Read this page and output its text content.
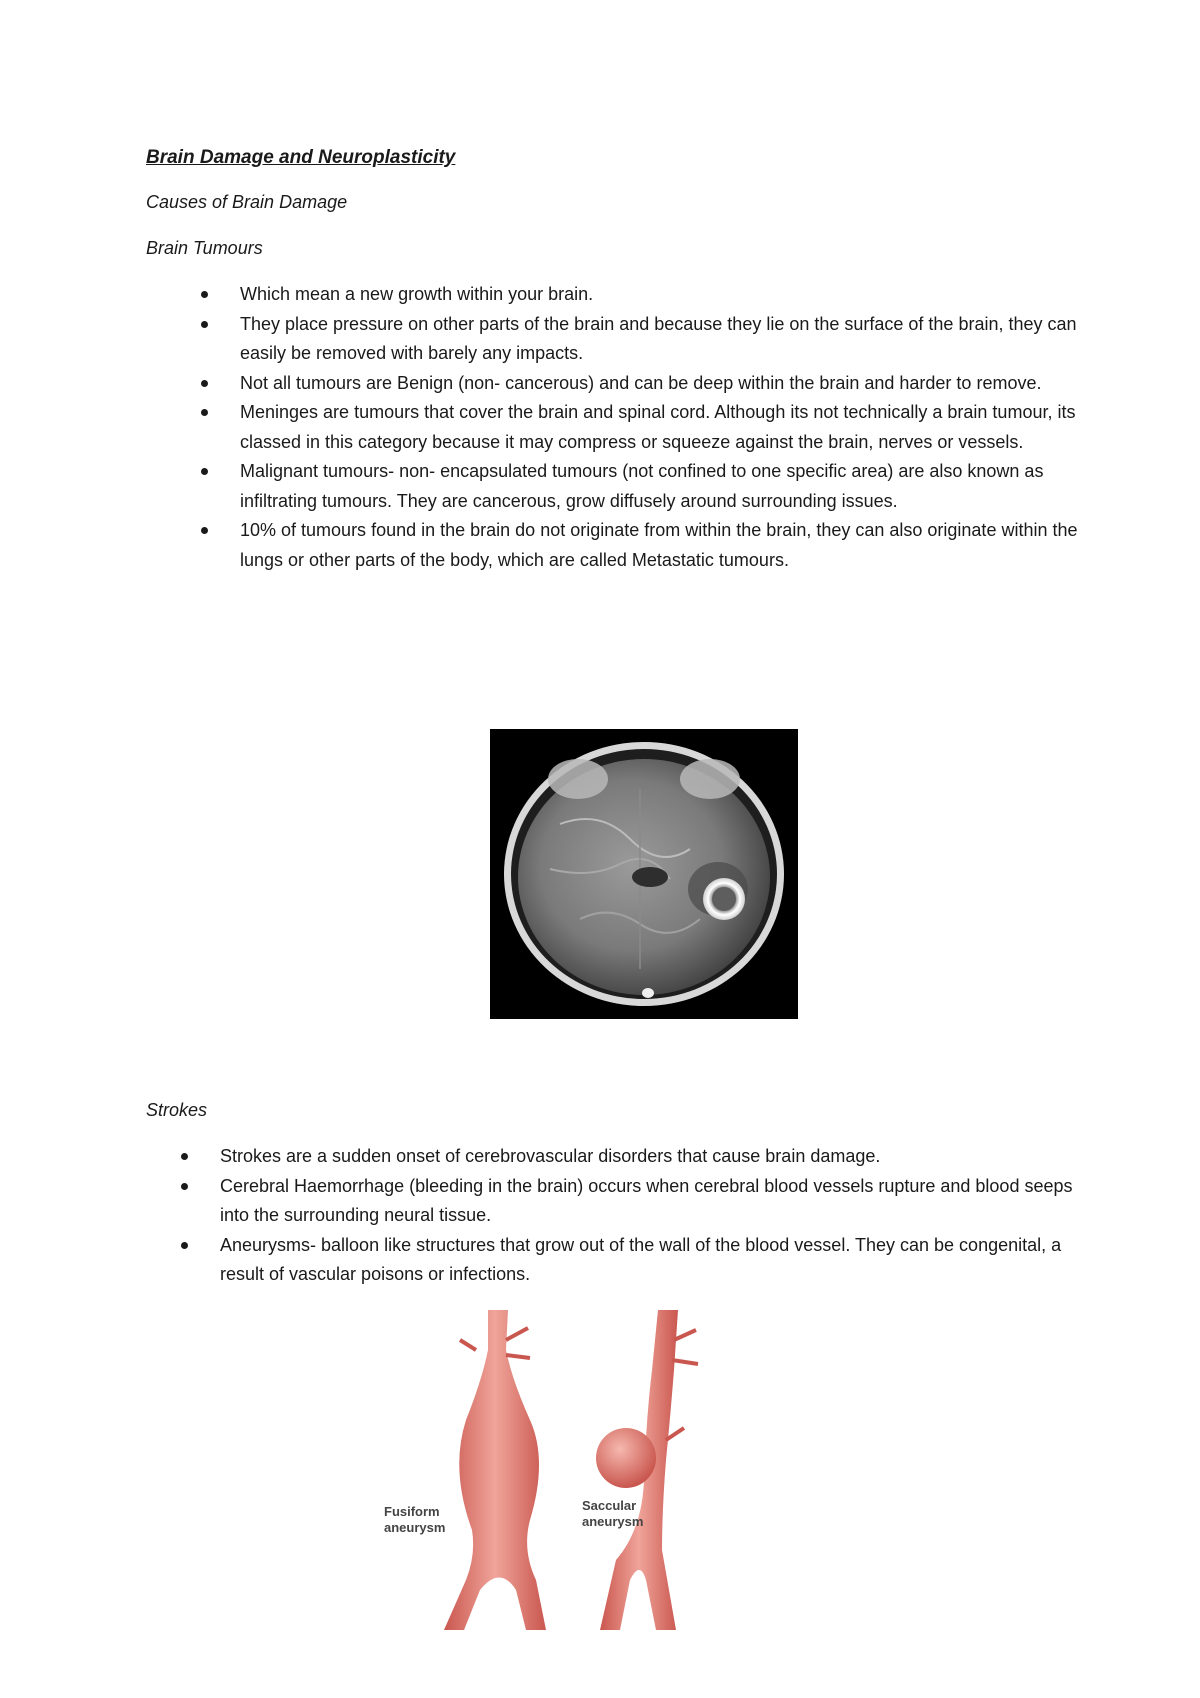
Brain Damage and Neuroplasticity
Causes of Brain Damage
Brain Tumours
Which mean a new growth within your brain.
They place pressure on other parts of the brain and because they lie on the surface of the brain, they can easily be removed with barely any impacts.
Not all tumours are Benign (non- cancerous) and can be deep within the brain and harder to remove.
Meninges are tumours that cover the brain and spinal cord. Although its not technically a brain tumour, its classed in this category because it may compress or squeeze against the brain, nerves or vessels.
Malignant tumours- non- encapsulated tumours (not confined to one specific area) are also known as infiltrating tumours. They are cancerous, grow diffusely around surrounding issues.
10% of tumours found in the brain do not originate from within the brain, they can also originate within the lungs or other parts of the body, which are called Metastatic tumours.
Strokes
Strokes are a sudden onset of cerebrovascular disorders that cause brain damage.
Cerebral Haemorrhage (bleeding in the brain) occurs when cerebral blood vessels rupture and blood seeps into the surrounding neural tissue.
Aneurysms- balloon like structures that grow out of the wall of the blood vessel. They can be congenital, a result of vascular poisons or infections.
Fusiform
aneurysm
Saccular
aneurysm
